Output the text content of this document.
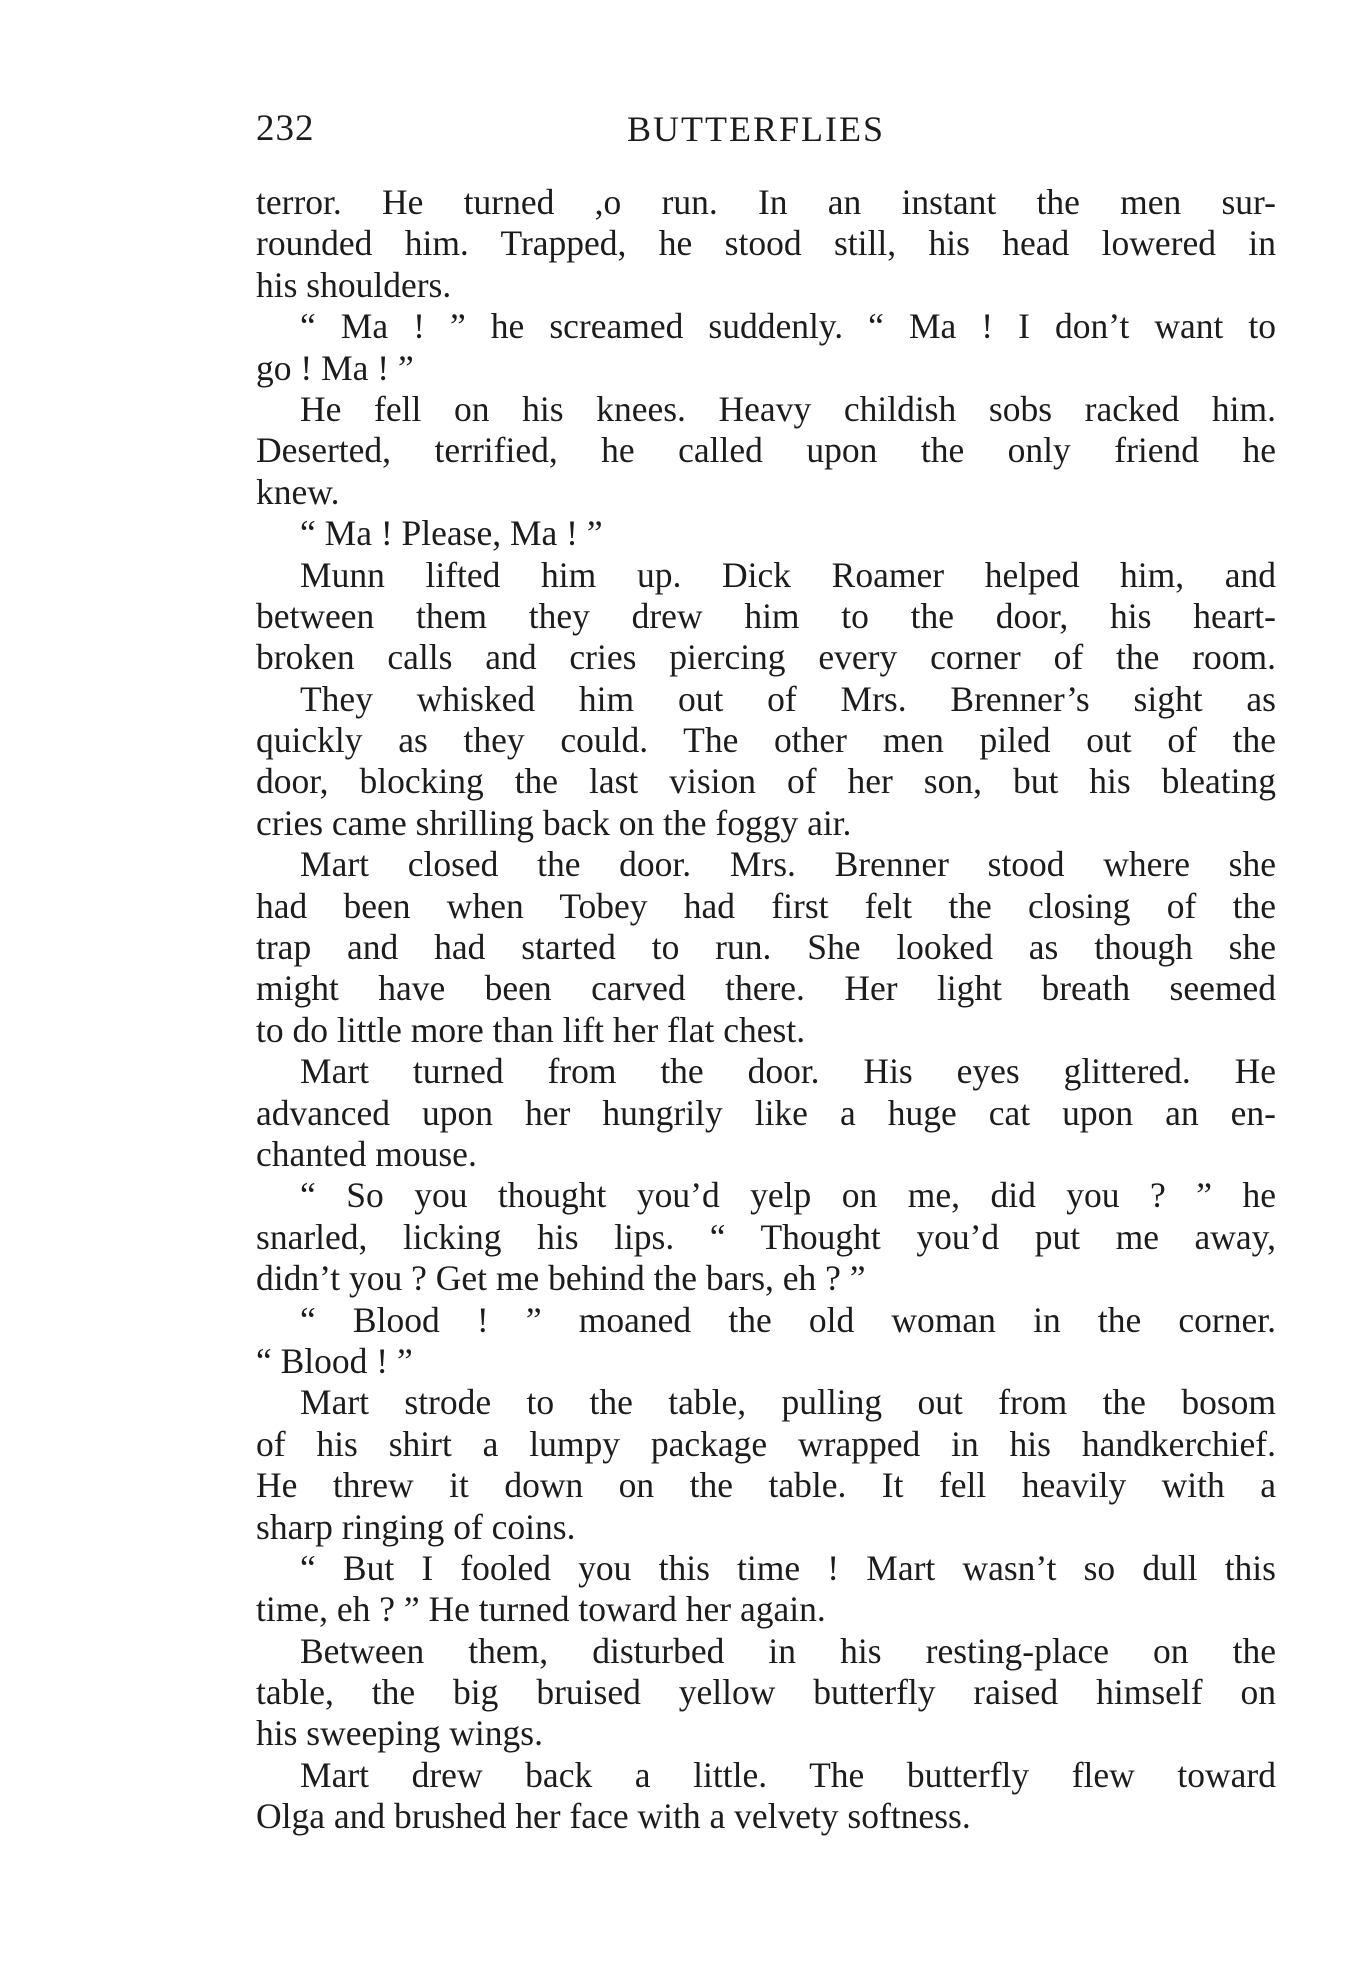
232	BUTTERFLIES
terror. He turned ,o run. In an instant the men sur-
rounded him. Trapped, he stood still, his head lowered in
his shoulders.
“ Ma ! ” he screamed suddenly. “ Ma ! I don’t want to
go ! Ma ! ”
He fell on his knees. Heavy childish sobs racked him.
Deserted, terrified, he called upon the only friend he
knew.
“ Ma ! Please, Ma ! ”
Munn lifted him up. Dick Roamer helped him, and
between them they drew him to the door, his heart-
broken calls and cries piercing every corner of the room.
They whisked him out of Mrs. Brenner’s sight as
quickly as they could. The other men piled out of the
door, blocking the last vision of her son, but his bleating
cries came shrilling back on the foggy air.
Mart closed the door. Mrs. Brenner stood where she
had been when Tobey had first felt the closing of the
trap and had started to run. She looked as though she
might have been carved there. Her light breath seemed
to do little more than lift her flat chest.
Mart turned from the door. His eyes glittered. He
advanced upon her hungrily like a huge cat upon an en-
chanted mouse.
“ So you thought you’d yelp on me, did you ? ” he
snarled, licking his lips. “ Thought you’d put me away,
didn’t you ? Get me behind the bars, eh ? ”
“ Blood ! ” moaned the old woman in the corner.
“ Blood ! ”
Mart strode to the table, pulling out from the bosom
of his shirt a lumpy package wrapped in his handkerchief.
He threw it down on the table. It fell heavily with a
sharp ringing of coins.
“ But I fooled you this time ! Mart wasn’t so dull this
time, eh ? ” He turned toward her again.
Between them, disturbed in his resting-place on the
table, the big bruised yellow butterfly raised himself on
his sweeping wings.
Mart drew back a little. The butterfly flew toward
Olga and brushed her face with a velvety softness.
